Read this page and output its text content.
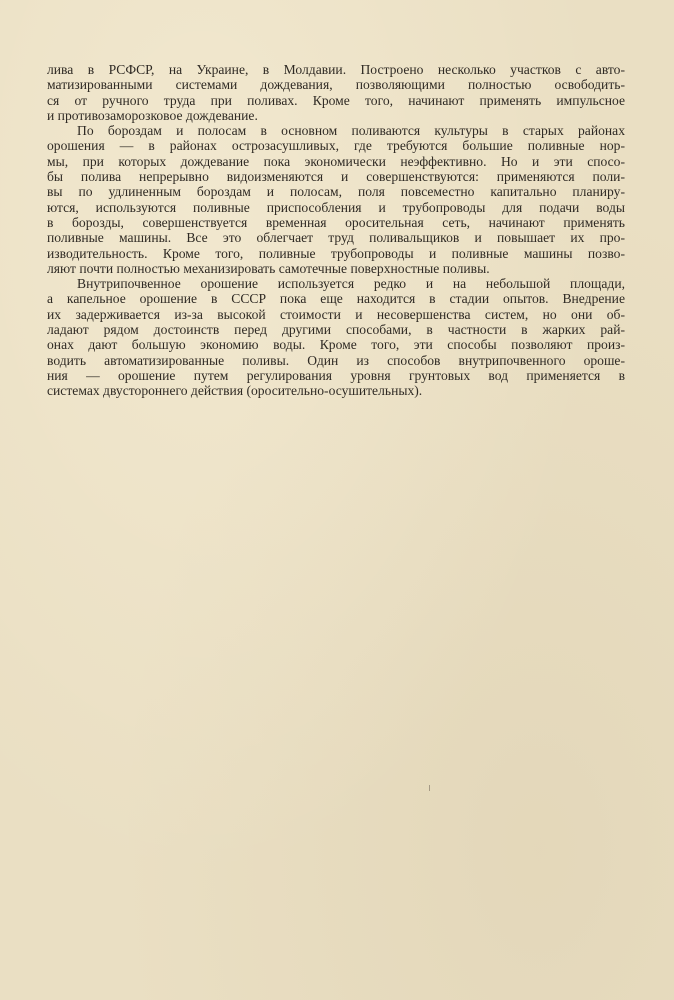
лива в РСФСР, на Украине, в Молдавии. Построено несколько участков с авто-
матизированными системами дождевания, позволяющими полностью освободить-
ся от ручного труда при поливах. Кроме того, начинают применять импульсное
и противозаморозковое дождевание.
По бороздам и полосам в основном поливаются культуры в старых районах
орошения — в районах острозасушливых, где требуются большие поливные нор-
мы, при которых дождевание пока экономически неэффективно. Но и эти спосо-
бы полива непрерывно видоизменяются и совершенствуются: применяются поли-
вы по удлиненным бороздам и полосам, поля повсеместно капитально планиру-
ются, используются поливные приспособления и трубопроводы для подачи воды
в борозды, совершенствуется временная оросительная сеть, начинают применять
поливные машины. Все это облегчает труд поливальщиков и повышает их про-
изводительность. Кроме того, поливные трубопроводы и поливные машины позво-
ляют почти полностью механизировать самотечные поверхностные поливы.
Внутрипочвенное орошение используется редко и на небольшой площади,
а капельное орошение в СССР пока еще находится в стадии опытов. Внедрение
их задерживается из-за высокой стоимости и несовершенства систем, но они об-
ладают рядом достоинств перед другими способами, в частности в жарких рай-
онах дают большую экономию воды. Кроме того, эти способы позволяют произ-
водить автоматизированные поливы. Один из способов внутрипочвенного ороше-
ния — орошение путем регулирования уровня грунтовых вод применяется в
системах двустороннего действия (оросительно-осушительных).
